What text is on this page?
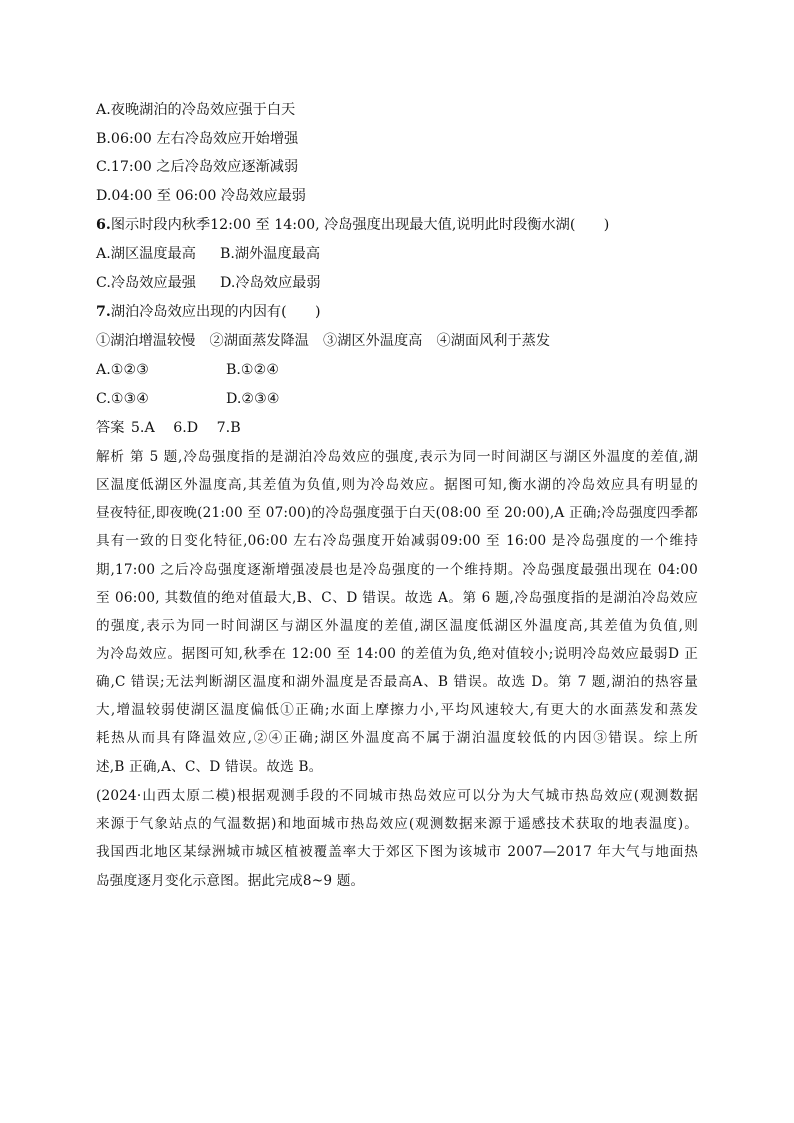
A.夜晚湖泊的冷岛效应强于白天
B.06:00 左右冷岛效应开始增强
C.17:00 之后冷岛效应逐渐减弱
D.04:00 至 06:00 冷岛效应最弱
6.图示时段内秋季12:00 至 14:00, 冷岛强度出现最大值,说明此时段衡水湖(　　)
A.湖区温度最高 B.湖外温度最高
C.冷岛效应最强 D.冷岛效应最弱
7.湖泊冷岛效应出现的内因有(　　)
①湖泊增温较慢　②湖面蒸发降温　③湖区外温度高　④湖面风利于蒸发
A.①②③	B.①②④
C.①③④	D.②③④
答案 5.A 6.D 7.B
解析 第 5 题,冷岛强度指的是湖泊冷岛效应的强度,表示为同一时间湖区与湖区外温度的差值,湖
区温度低湖区外温度高,其差值为负值,则为冷岛效应。据图可知,衡水湖的冷岛效应具有明显的
昼夜特征,即夜晚(21:00 至 07:00)的冷岛强度强于白天(08:00 至 20:00),A 正确;冷岛强度四季都
具有一致的日变化特征,06:00 左右冷岛强度开始减弱09:00 至 16:00 是冷岛强度的一个维持
期,17:00 之后冷岛强度逐渐增强凌晨也是冷岛强度的一个维持期。冷岛强度最强出现在 04:00
至 06:00, 其数值的绝对值最大,B、C、D 错误。故选 A。第 6 题,冷岛强度指的是湖泊冷岛效应
的强度,表示为同一时间湖区与湖区外温度的差值,湖区温度低湖区外温度高,其差值为负值,则
为冷岛效应。据图可知,秋季在 12:00 至 14:00 的差值为负,绝对值较小;说明冷岛效应最弱D 正
确,C 错误;无法判断湖区温度和湖外温度是否最高A、B 错误。故选 D。第 7 题,湖泊的热容量
大,增温较弱使湖区温度偏低①正确;水面上摩擦力小,平均风速较大,有更大的水面蒸发和蒸发
耗热从而具有降温效应,②④正确;湖区外温度高不属于湖泊温度较低的内因③错误。综上所
述,B 正确,A、C、D 错误。故选 B。
(2024·山西太原二模)根据观测手段的不同城市热岛效应可以分为大气城市热岛效应(观测数据
来源于气象站点的气温数据)和地面城市热岛效应(观测数据来源于遥感技术获取的地表温度)。
我国西北地区某绿洲城市城区植被覆盖率大于郊区下图为该城市 2007—2017 年大气与地面热
岛强度逐月变化示意图。据此完成8~9 题。
